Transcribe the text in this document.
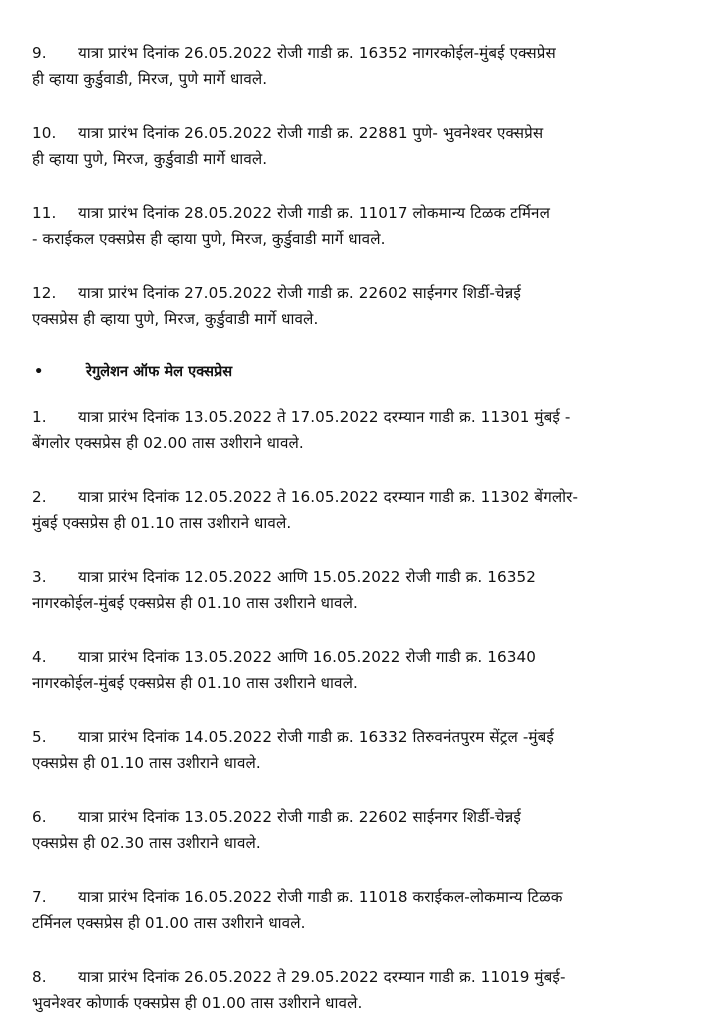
9. यात्रा प्रारंभ दिनांक 26.05.2022 रोजी गाडी क्र. 16352 नागरकोईल-मुंबई एक्सप्रेस

ही व्हाया कुर्डुवाडी, मिरज, पुणे मार्गे धावले.

10. यात्रा प्रारंभ दिनांक 26.05.2022 रोजी गाडी क्र. 22881 पुणे- भुवनेश्वर एक्सप्रेस

ही व्हाया पुणे, मिरज, कुर्डुवाडी मार्गे धावले.

11. यात्रा प्रारंभ दिनांक 28.05.2022 रोजी गाडी क्र. 11017 लोकमान्य टिळक टर्मिनल

- कराईकल एक्सप्रेस ही व्हाया पुणे, मिरज, कुर्डुवाडी मार्गे धावले.

12. यात्रा प्रारंभ दिनांक 27.05.2022 रोजी गाडी क्र. 22602 साईनगर शिर्डी-चेन्नई

एक्सप्रेस ही व्हाया पुणे, मिरज, कुर्डुवाडी मार्गे धावले.

•	रेगुलेशन ऑफ मेल एक्सप्रेस

1. यात्रा प्रारंभ दिनांक 13.05.2022 ते 17.05.2022 दरम्यान गाडी क्र. 11301 मुंबई -

बेंगलोर एक्सप्रेस ही 02.00 तास उशीराने धावले.

2. यात्रा प्रारंभ दिनांक 12.05.2022 ते 16.05.2022 दरम्यान गाडी क्र. 11302 बेंगलोर-

मुंबई एक्सप्रेस ही 01.10 तास उशीराने धावले.

3. यात्रा प्रारंभ दिनांक 12.05.2022 आणि 15.05.2022 रोजी गाडी क्र. 16352

नागरकोईल-मुंबई एक्सप्रेस ही 01.10 तास उशीराने धावले.

4. यात्रा प्रारंभ दिनांक 13.05.2022 आणि 16.05.2022 रोजी गाडी क्र. 16340

नागरकोईल-मुंबई एक्सप्रेस ही 01.10 तास उशीराने धावले.

5. यात्रा प्रारंभ दिनांक 14.05.2022 रोजी गाडी क्र. 16332 तिरुवनंतपुरम सेंट्रल -मुंबई

एक्सप्रेस ही 01.10 तास उशीराने धावले.

6. यात्रा प्रारंभ दिनांक 13.05.2022 रोजी गाडी क्र. 22602 साईनगर शिर्डी-चेन्नई

एक्सप्रेस ही 02.30 तास उशीराने धावले.

7. यात्रा प्रारंभ दिनांक 16.05.2022 रोजी गाडी क्र. 11018 कराईकल-लोकमान्य टिळक

टर्मिनल एक्सप्रेस ही 01.00 तास उशीराने धावले.

8. यात्रा प्रारंभ दिनांक 26.05.2022 ते 29.05.2022 दरम्यान गाडी क्र. 11019 मुंबई-

भुवनेश्वर कोणार्क एक्सप्रेस ही 01.00 तास उशीराने धावले.
